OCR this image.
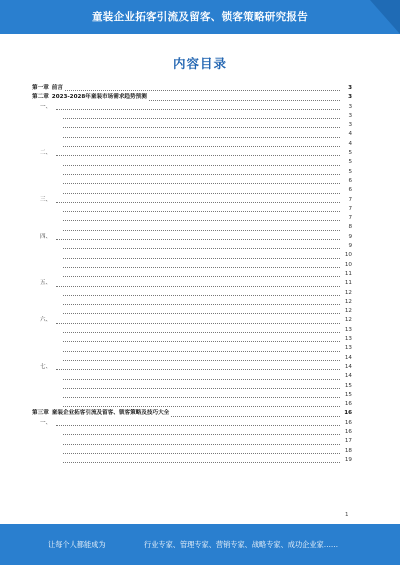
童装企业拓客引流及留客、锁客策略研究报告
内容目录
第一章 前言	3
第二章 2023-2028年童装市场需求趋势预测	3
一、	3
3
3
4
4
二、	5
5
5
6
6
三、	7
7
7
8
四、	9
9
10
10
11
五、	11
12
12
12
六、	12
13
13
13
14
七、	14
14
15
15
16
第三章 童装企业拓客引流及留客、锁客策略及技巧大全	16
一、	16
16
17
18
19
1
让每个人都能成为	行业专家、管理专家、营销专家、战略专家、成功企业家……
